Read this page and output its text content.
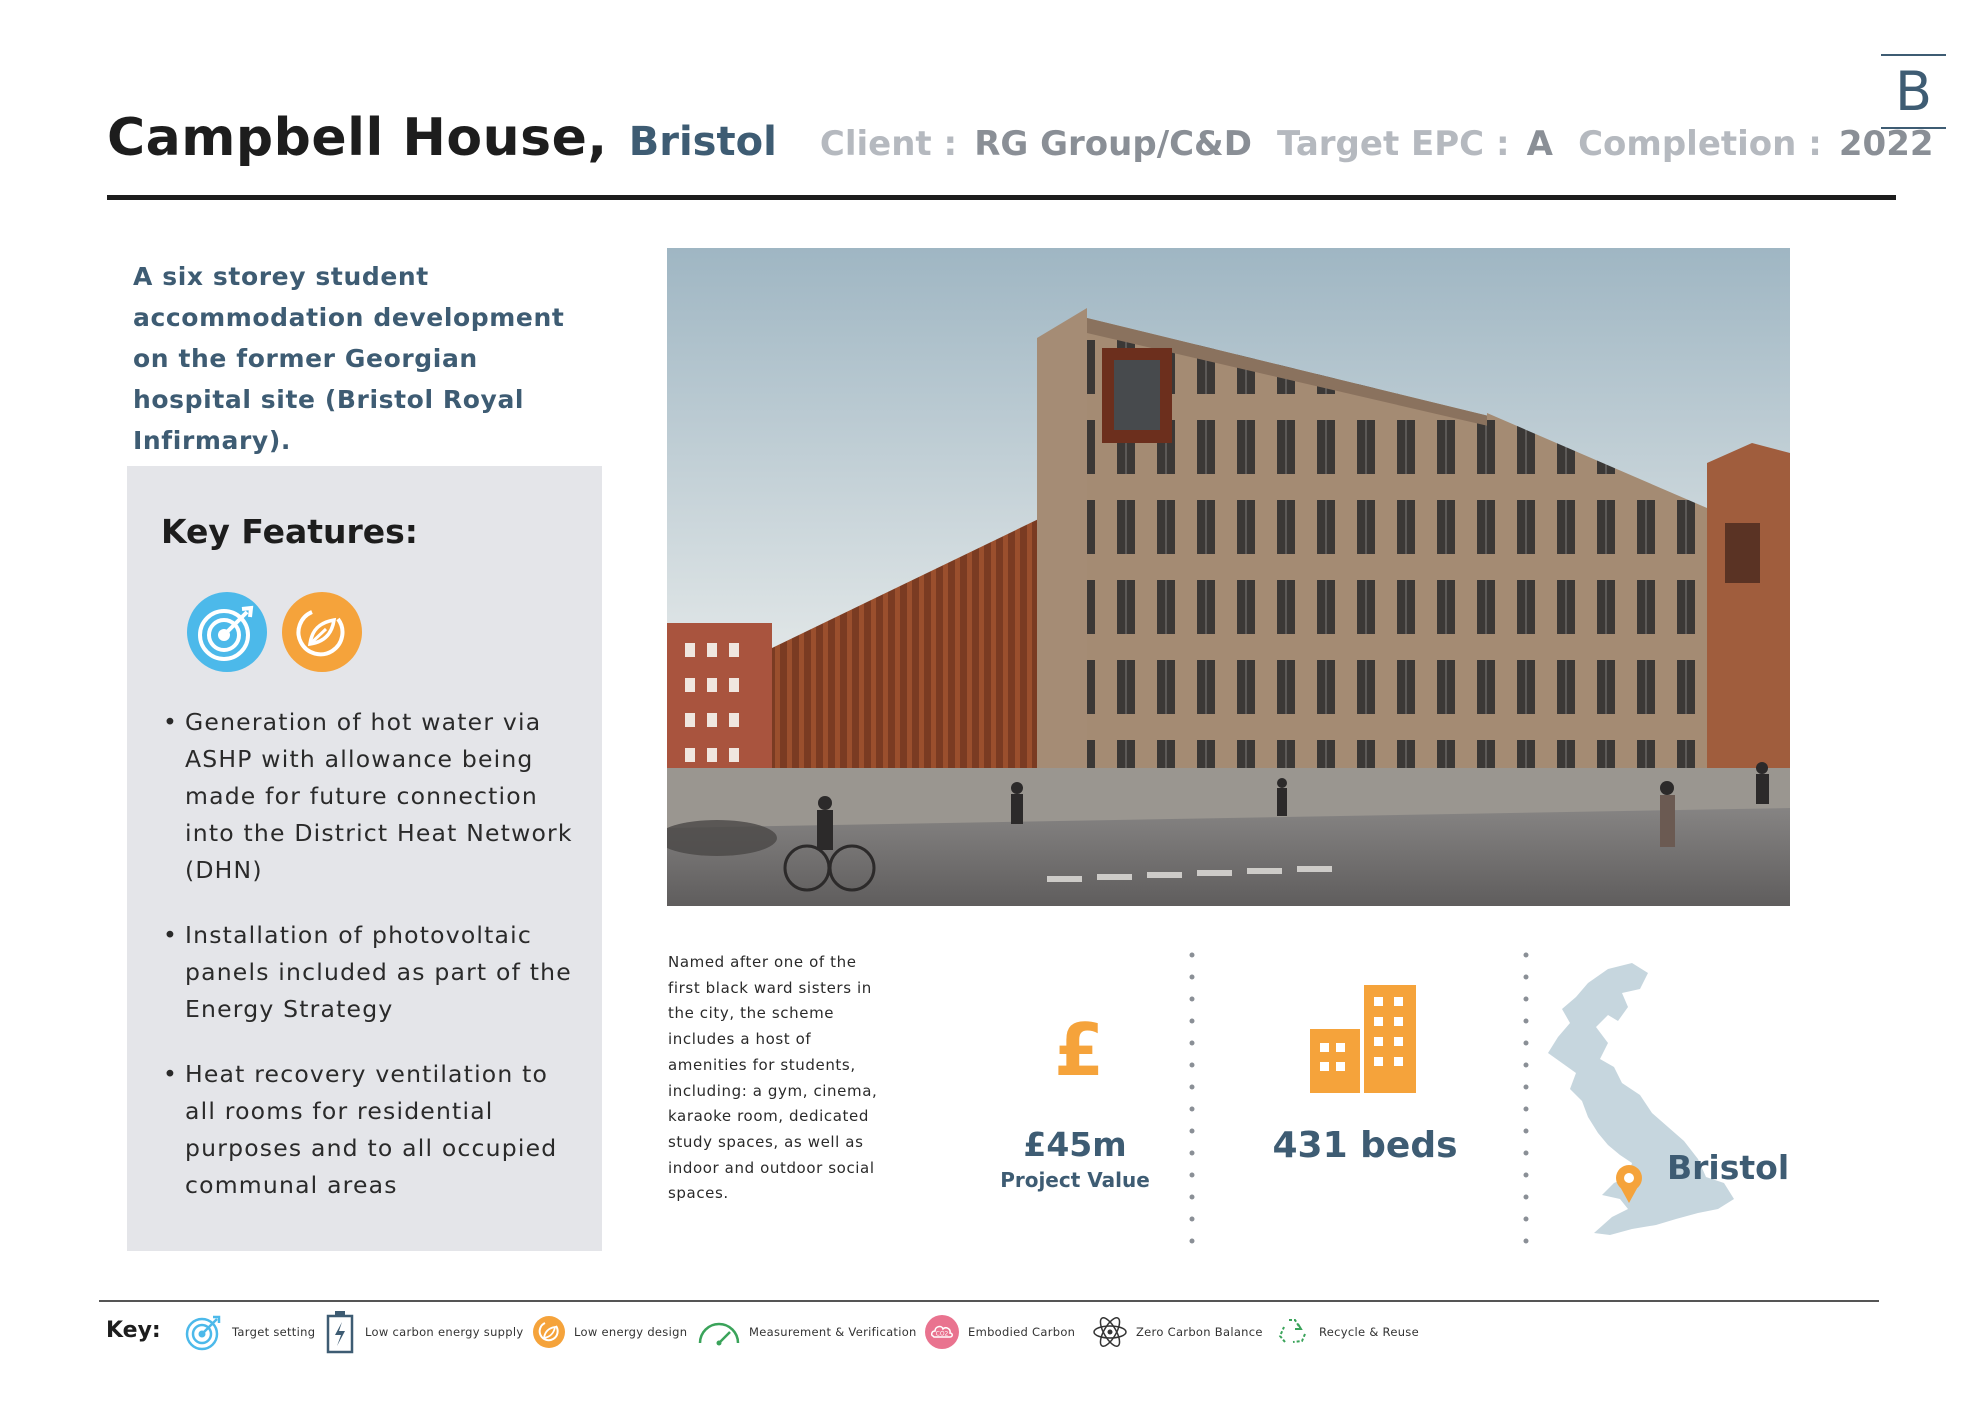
B
Campbell House, Bristol Client : RG Group/C&D Target EPC : A Completion : 2022
A six storey student accommodation development on the former Georgian hospital site (Bristol Royal Infirmary).
Key Features:
• Generation of hot water via ASHP with allowance being made for future connection into the District Heat Network (DHN)
• Installation of photovoltaic panels included as part of the Energy Strategy
• Heat recovery ventilation to all rooms for residential purposes and to all occupied communal areas
Named after one of the first black ward sisters in the city, the scheme includes a host of amenities for students, including: a gym, cinema, karaoke room, dedicated study spaces, as well as indoor and outdoor social spaces.
£
£45m
Project Value
431 beds
Bristol
Key:	Target setting	Low carbon energy supply	Low energy design	Measurement & Verification	CO2 Embodied Carbon	Zero Carbon Balance	Recycle & Reuse
